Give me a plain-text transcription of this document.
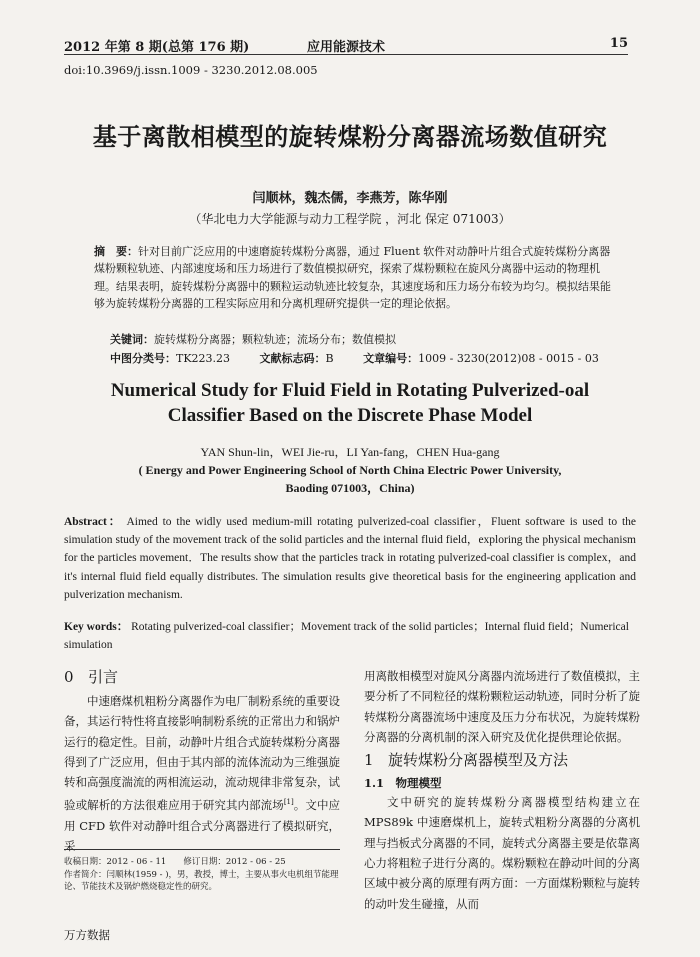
2012 年第 8 期(总第 176 期)	应用能源技术	15
doi:10.3969/j.issn.1009 - 3230.2012.08.005
基于离散相模型的旋转煤粉分离器流场数值研究
闫顺林，魏杰儒，李燕芳，陈华刚
（华北电力大学能源与动力工程学院 ，河北 保定 071003）
摘　要：针对目前广泛应用的中速磨旋转煤粉分离器，通过 Fluent 软件对动静叶片组合式旋转煤粉分离器煤粉颗粒轨迹、内部速度场和压力场进行了数值模拟研究，探索了煤粉颗粒在旋风分离器中运动的物理机理。结果表明，旋转煤粉分离器中的颗粒运动轨迹比较复杂，其速度场和压力场分布较为均匀。模拟结果能够为旋转煤粉分离器的工程实际应用和分离机理研究提供一定的理论依据。
关键词：旋转煤粉分离器；颗粒轨迹；流场分布；数值模拟
中图分类号：TK223.23	文献标志码：B	文章编号：1009 - 3230(2012)08 - 0015 - 03
Numerical Study for Fluid Field in Rotating Pulverized-oal
Classifier Based on the Discrete Phase Model
YAN Shun-lin，WEI Jie-ru，LI Yan-fang，CHEN Hua-gang
( Energy and Power Engineering School of North China Electric Power University,
Baoding 071003，China)
Abstract： Aimed to the widly used medium-mill rotating pulverized-coal classifier，Fluent software is used to the simulation study of the movement track of the solid particles and the internal fluid field，exploring the physical mechanism for the particles movement．The results show that the particles track in rotating pulverized-coal classifier is complex，and it's internal fluid field equally distributes. The simulation results give theoretical basis for the engineering application and pulverization mechanism.
Key words： Rotating pulverized-coal classifier；Movement track of the solid particles；Internal fluid field；Numerical simulation
0 引言
中速磨煤机粗粉分离器作为电厂制粉系统的重要设备，其运行特性将直接影响制粉系统的正常出力和锅炉运行的稳定性。目前，动静叶片组合式旋转煤粉分离器得到了广泛应用，但由于其内部的流体流动为三维强旋转和高强度湍流的两相流运动，流动规律非常复杂，试验或解析的方法很难应用于研究其内部流场[1]。文中应用 CFD 软件对动静叶组合式分离器进行了模拟研究，采
用离散相模型对旋风分离器内流场进行了数值模拟，主要分析了不同粒径的煤粉颗粒运动轨迹，同时分析了旋转煤粉分离器流场中速度及压力分布状况，为旋转煤粉分离器的分离机制的深入研究及优化提供理论依据。
1 旋转煤粉分离器模型及方法
1.1　物理模型
文中研究的旋转煤粉分离器模型结构建立在 MPS89k 中速磨煤机上，旋转式粗粉分离器的分离机理与挡板式分离器的不同，旋转式分离器主要是依靠离心力将粗粒子进行分离的。煤粉颗粒在静动叶间的分离区域中被分离的原理有两方面：一方面煤粉颗粒与旋转的动叶发生碰撞，从而

收稿日期：2012 - 06 - 11　　修订日期：2012 - 06 - 25

作者简介：闫顺林(1959 - )，男，教授，博士，主要从事火电机组节能理论、节能技术及锅炉燃烧稳定性的研究。

万方数据
